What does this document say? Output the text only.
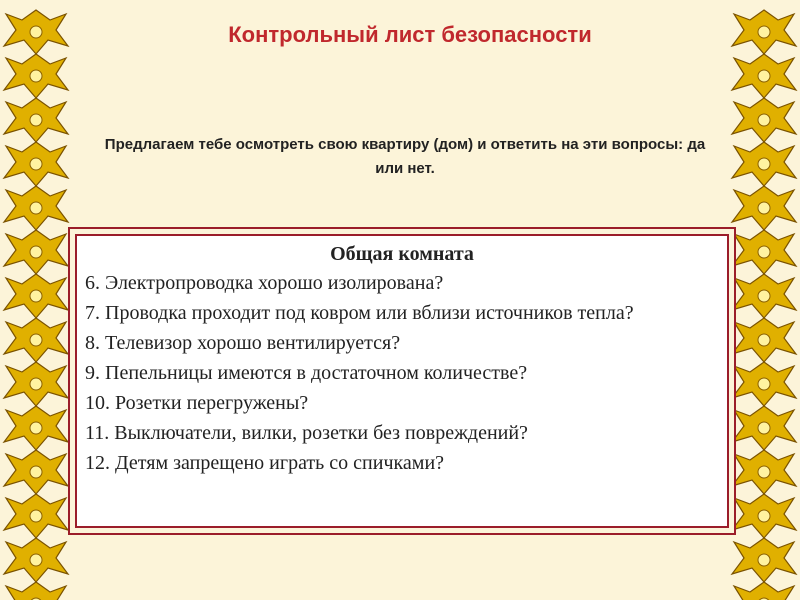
Контрольный лист безопасности
Предлагаем тебе осмотреть свою квартиру (дом) и ответить на эти вопросы: да или нет.
Общая комната
6. Электропроводка хорошо изолирована?
7. Проводка проходит под ковром или вблизи источников тепла?
8. Телевизор хорошо вентилируется?
9. Пепельницы имеются в достаточном количестве?
10. Розетки перегружены?
11. Выключатели, вилки, розетки без повреждений?
12. Детям запрещено играть со спичками?
